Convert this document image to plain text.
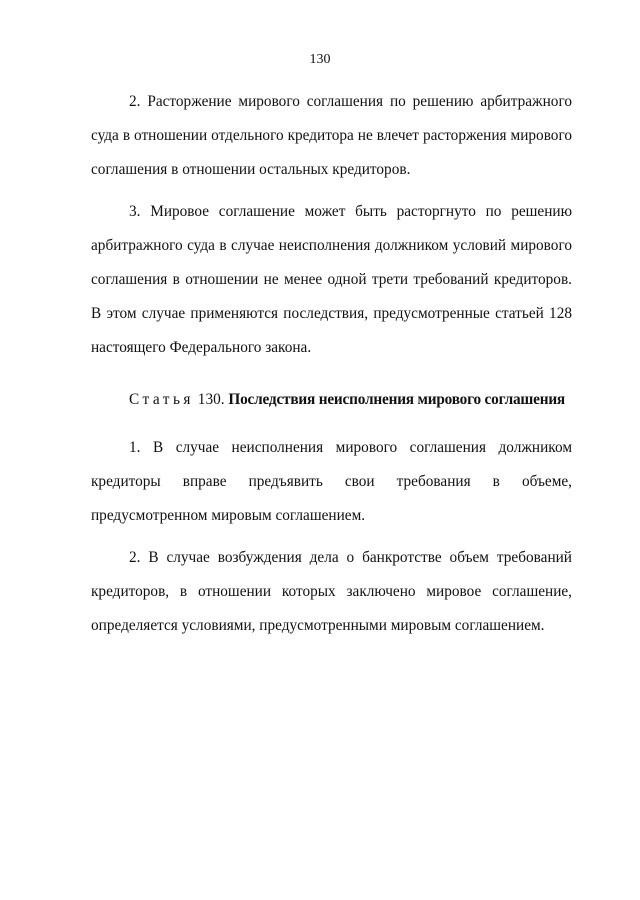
130

2. Расторжение мирового соглашения по решению арбитражного суда в отношении отдельного кредитора не влечет расторжения мирового соглашения в отношении остальных кредиторов.

3. Мировое соглашение может быть расторгнуто по решению арбитражного суда в случае неисполнения должником условий мирового соглашения в отношении не менее одной трети требований кредиторов. В этом случае применяются последствия, предусмотренные статьей 128 настоящего Федерального закона.

Статья 130. Последствия неисполнения мирового соглашения

1. В случае неисполнения мирового соглашения должником кредиторы вправе предъявить свои требования в объеме, предусмотренном мировым соглашением.

2. В случае возбуждения дела о банкротстве объем требований кредиторов, в отношении которых заключено мировое соглашение, определяется условиями, предусмотренными мировым соглашением.
